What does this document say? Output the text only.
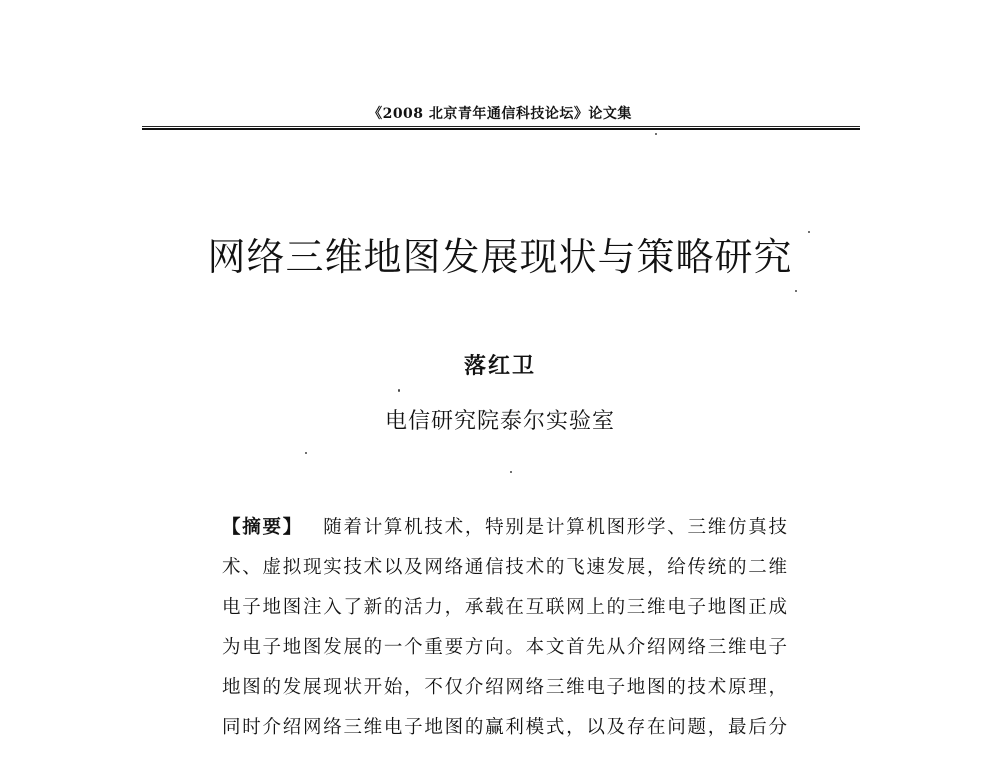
《2008 北京青年通信科技论坛》论文集
网络三维地图发展现状与策略研究
落红卫
电信研究院泰尔实验室
【摘要】  随着计算机技术，特别是计算机图形学、三维仿真技
术、虚拟现实技术以及网络通信技术的飞速发展，给传统的二维
电子地图注入了新的活力，承载在互联网上的三维电子地图正成
为电子地图发展的一个重要方向。本文首先从介绍网络三维电子
地图的发展现状开始，不仅介绍网络三维电子地图的技术原理，
同时介绍网络三维电子地图的赢利模式，以及存在问题，最后分
